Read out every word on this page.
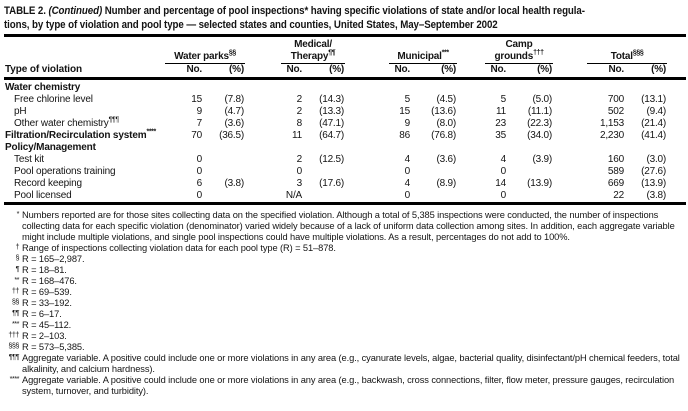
TABLE 2. (Continued) Number and percentage of pool inspections* having specific violations of state and/or local health regula-
tions, by type of violation and pool type — selected states and counties, United States, May–September 2002
Type of violation	
Water parks§§

Medical/
Therapy¶¶		Municipal***

Camp
grounds†††		Total§§§

	No.	(%)		No.	(%)		No.	(%)		No.	(%)		No.	(%)	
Water chemistry															
Free chlorine level	15	(7.8)		2	(14.3)		5	(4.5)		5	(5.0)		700	(13.1)	
pH	9	(4.7)		2	(13.3)		15	(13.6)		11	(11.1)		502	(9.4)	
Other water chemistry¶¶¶	7	(3.6)		8	(47.1)		9	(8.0)		23	(22.3)		1,153	(21.4)	
Filtration/Recirculation system****	70	(36.5)		11	(64.7)		86	(76.8)		35	(34.0)		2,230	(41.4)	
Policy/Management															
Test kit	0			2	(12.5)		4	(3.6)		4	(3.9)		160	(3.0)	
Pool operations training	0			0			0			0			589	(27.6)	
Record keeping	6	(3.8)		3	(17.6)		4	(8.9)		14	(13.9)		669	(13.9)	
Pool licensed	0			N/A			0			0			22	(3.8)	
* Numbers reported are for those sites collecting data on the specified violation. Although a total of 5,385 inspections were conducted, the number of inspections collecting data for each specific violation (denominator) varied widely because of a lack of uniform data collection among sites. In addition, each aggregate variable might include multiple violations, and single pool inspections could have multiple violations. As a result, percentages do not add to 100%.
† Range of inspections collecting violation data for each pool type (R) = 51–878.
§ R = 165–2,987.
¶ R = 18–81.
** R = 168–476.
†† R = 69–539.
§§ R = 33–192.
¶¶ R = 6–17.
*** R = 45–112.
††† R = 2–103.
§§§ R = 573–5,385.
¶¶¶ Aggregate variable. A positive could include one or more violations in any area (e.g., cyanurate levels, algae, bacterial quality, disinfectant/pH chemical feeders, total alkalinity, and calcium hardness).
**** Aggregate variable. A positive could include one or more violations in any area (e.g., backwash, cross connections, filter, flow meter, pressure gauges, recirculation system, turnover, and turbidity).
